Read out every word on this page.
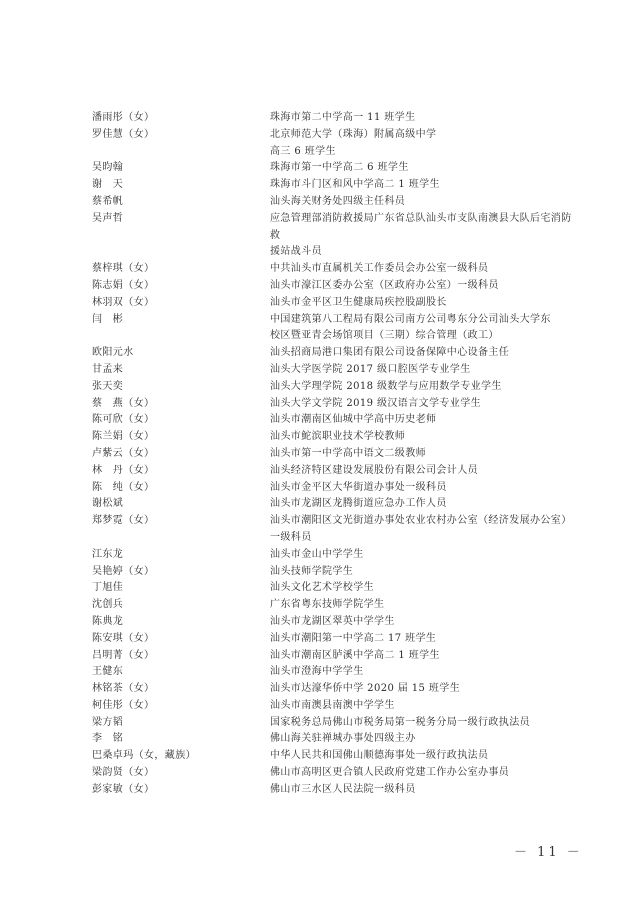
潘雨彤（女）	珠海市第二中学高一 11 班学生
罗佳慧（女）	北京师范大学（珠海）附属高级中学
高三 6 班学生
吴昀翰	珠海市第一中学高二 6 班学生
谢　天	珠海市斗门区和风中学高二 1 班学生
蔡希帆	汕头海关财务处四级主任科员
吴声哲	应急管理部消防救援局广东省总队汕头市支队南澳县大队后宅消防救
援站战斗员
蔡梓琪（女）	中共汕头市直属机关工作委员会办公室一级科员
陈志娟（女）	汕头市濠江区委办公室（区政府办公室）一级科员
林羽双（女）	汕头市金平区卫生健康局疾控股副股长
闫　彬	中国建筑第八工程局有限公司南方公司粤东分公司汕头大学东
校区暨亚青会场馆项目（三期）综合管理（政工）
欧阳元水	汕头招商局港口集团有限公司设备保障中心设备主任
甘孟来	汕头大学医学院 2017 级口腔医学专业学生
张天奕	汕头大学理学院 2018 级数学与应用数学专业学生
蔡　燕（女）	汕头大学文学院 2019 级汉语言文学专业学生
陈可欣（女）	汕头市潮南区仙城中学高中历史老师
陈兰娟（女）	汕头市鮀滨职业技术学校教师
卢紫云（女）	汕头市第一中学高中语文二级教师
林　丹（女）	汕头经济特区建设发展股份有限公司会计人员
陈　纯（女）	汕头市金平区大华街道办事处一级科员
谢松斌	汕头市龙湖区龙腾街道应急办工作人员
郑梦霓（女）	汕头市潮阳区文光街道办事处农业农村办公室（经济发展办公室）
一级科员
江东龙	汕头市金山中学学生
吴艳婷（女）	汕头技师学院学生
丁旭佳	汕头文化艺术学校学生
沈创兵	广东省粤东技师学院学生
陈典龙	汕头市龙湖区翠英中学学生
陈安琪（女）	汕头市潮阳第一中学高二 17 班学生
吕明菁（女）	汕头市潮南区胪溪中学高二 1 班学生
王健东	汕头市澄海中学学生
林铭茶（女）	汕头市达濠华侨中学 2020 届 15 班学生
柯佳彤（女）	汕头市南澳县南澳中学学生
梁方韬	国家税务总局佛山市税务局第一税务分局一级行政执法员
李　铭	佛山海关驻禅城办事处四级主办
巴桑卓玛（女，藏族）	中华人民共和国佛山顺德海事处一级行政执法员
梁韵贤（女）	佛山市高明区更合镇人民政府党建工作办公室办事员
彭家敏（女）	佛山市三水区人民法院一级科员
－ 11 －
